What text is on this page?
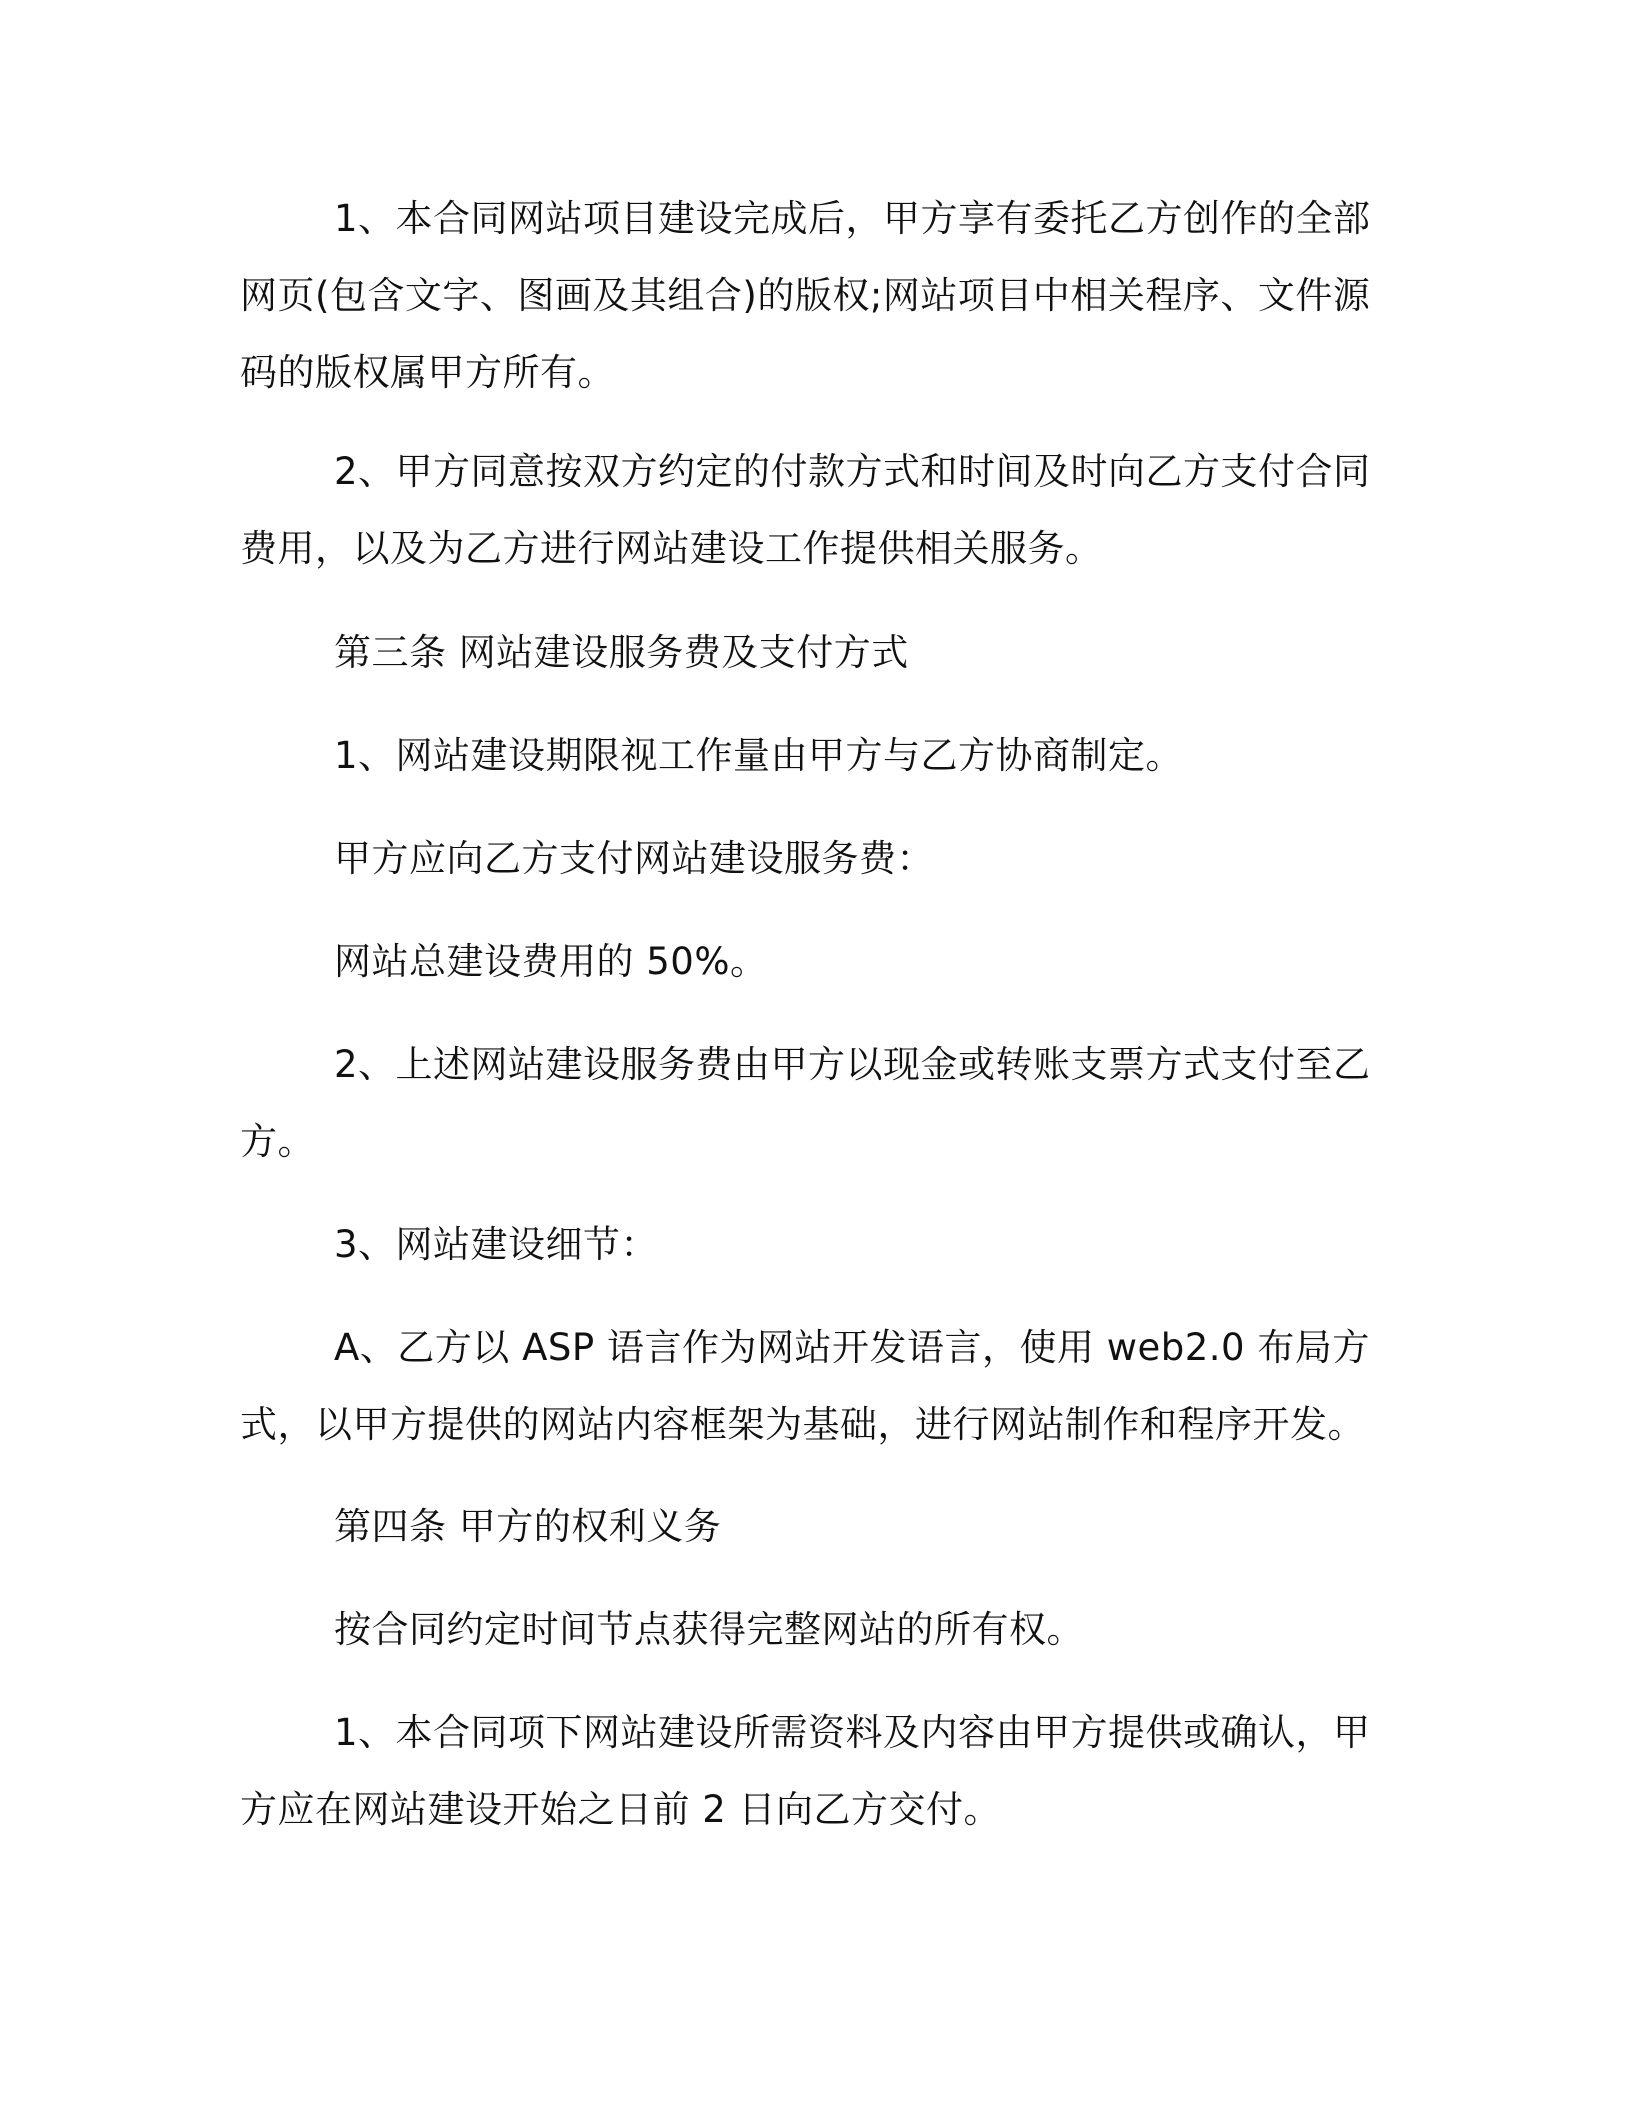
1、本合同网站项目建设完成后，甲方享有委托乙方创作的全部网页(包含文字、图画及其组合)的版权;网站项目中相关程序、文件源码的版权属甲方所有。

2、甲方同意按双方约定的付款方式和时间及时向乙方支付合同费用，以及为乙方进行网站建设工作提供相关服务。

第三条 网站建设服务费及支付方式

1、网站建设期限视工作量由甲方与乙方协商制定。

甲方应向乙方支付网站建设服务费：

网站总建设费用的 50%。

2、上述网站建设服务费由甲方以现金或转账支票方式支付至乙方。

3、网站建设细节：

A、乙方以 ASP 语言作为网站开发语言，使用 web2.0 布局方式，以甲方提供的网站内容框架为基础，进行网站制作和程序开发。

第四条 甲方的权利义务

按合同约定时间节点获得完整网站的所有权。

1、本合同项下网站建设所需资料及内容由甲方提供或确认，甲方应在网站建设开始之日前 2 日向乙方交付。
